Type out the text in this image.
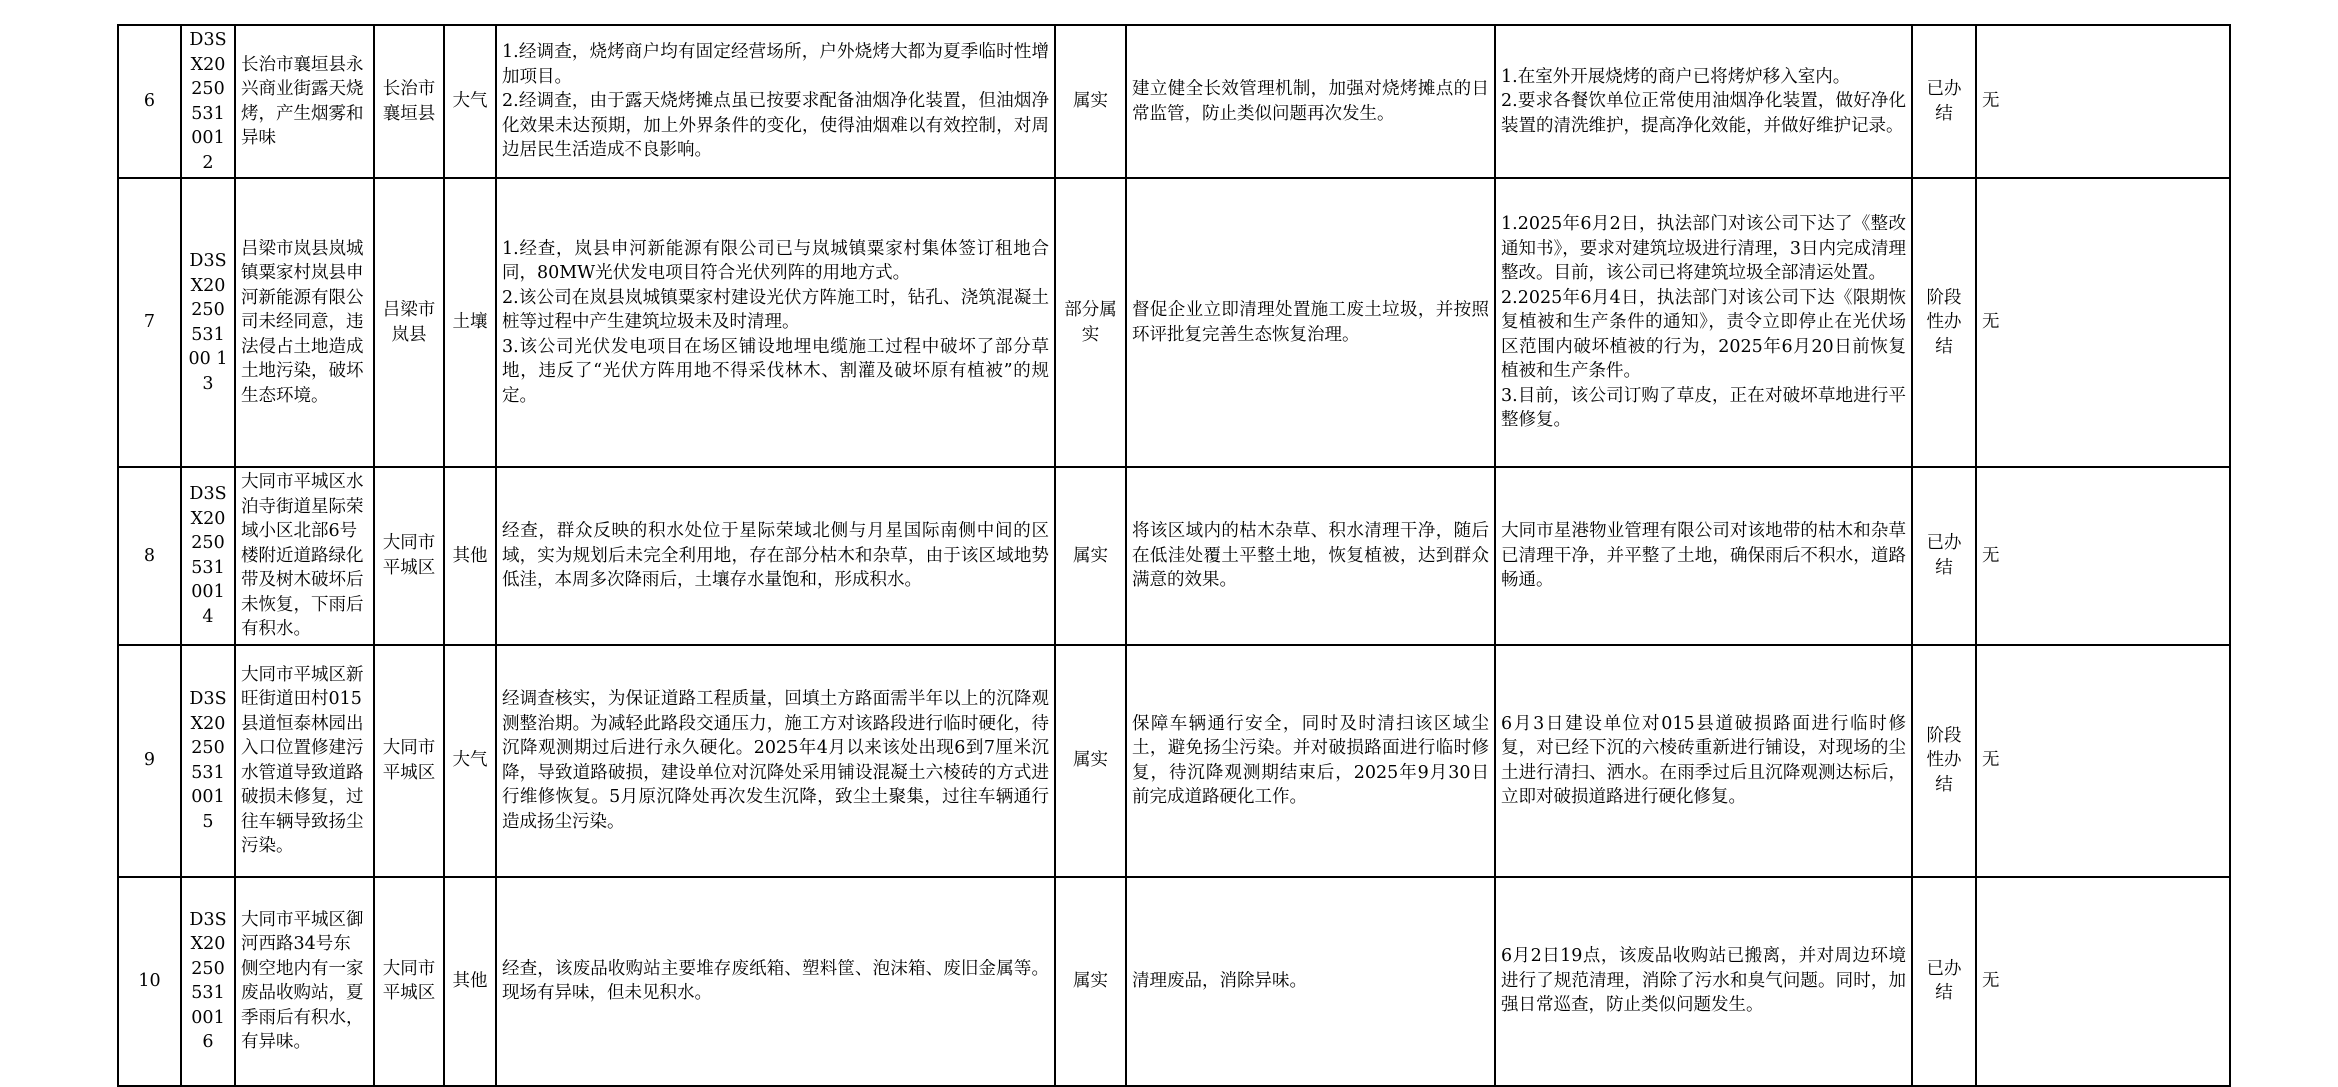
6	D3SX20250531 0012	长治市襄垣县永兴商业街露天烧烤，产生烟雾和异味	长治市襄垣县	大气	1.经调查，烧烤商户均有固定经营场所，户外烧烤大都为夏季临时性增加项目。
2.经调查，由于露天烧烤摊点虽已按要求配备油烟净化装置，但油烟净化效果未达预期，加上外界条件的变化，使得油烟难以有效控制，对周边居民生活造成不良影响。	属实	建立健全长效管理机制，加强对烧烤摊点的日常监管，防止类似问题再次发生。	1.在室外开展烧烤的商户已将烤炉移入室内。
2.要求各餐饮单位正常使用油烟净化装置，做好净化装置的清洗维护，提高净化效能，并做好维护记录。	已办结	无
7	D3SX2025053100 13	吕梁市岚县岚城镇粟家村岚县申河新能源有限公司未经同意，违法侵占土地造成土地污染，破坏生态环境。	吕梁市岚县	土壤	1.经查，岚县申河新能源有限公司已与岚城镇粟家村集体签订租地合同，80MW光伏发电项目符合光伏列阵的用地方式。
2.该公司在岚县岚城镇粟家村建设光伏方阵施工时，钻孔、浇筑混凝土桩等过程中产生建筑垃圾未及时清理。
3.该公司光伏发电项目在场区铺设地埋电缆施工过程中破坏了部分草地，违反了“光伏方阵用地不得采伐林木、割灌及破坏原有植被”的规定。	部分属实	督促企业立即清理处置施工废土垃圾，并按照环评批复完善生态恢复治理。	1.2025年6月2日，执法部门对该公司下达了《整改通知书》，要求对建筑垃圾进行清理，3日内完成清理整改。目前，该公司已将建筑垃圾全部清运处置。
2.2025年6月4日，执法部门对该公司下达《限期恢复植被和生产条件的通知》，责令立即停止在光伏场区范围内破坏植被的行为，2025年6月20日前恢复植被和生产条件。
3.目前，该公司订购了草皮，正在对破坏草地进行平整修复。	阶段性办结	无
8	D3SX20250531 0014	大同市平城区水泊寺街道星际荣域小区北部6号楼附近道路绿化带及树木破坏后未恢复，下雨后有积水。	大同市平城区	其他	经查，群众反映的积水处位于星际荣域北侧与月星国际南侧中间的区域，实为规划后未完全利用地，存在部分枯木和杂草，由于该区域地势低洼，本周多次降雨后，土壤存水量饱和，形成积水。	属实	将该区域内的枯木杂草、积水清理干净，随后在低洼处覆土平整土地，恢复植被，达到群众满意的效果。	大同市星港物业管理有限公司对该地带的枯木和杂草已清理干净，并平整了土地，确保雨后不积水，道路畅通。	已办结	无
9	D3SX20250531 0015	大同市平城区新旺街道田村015县道恒泰林园出入口位置修建污水管道导致道路破损未修复，过往车辆导致扬尘污染。	大同市平城区	大气	经调查核实，为保证道路工程质量，回填土方路面需半年以上的沉降观测整治期。为减轻此路段交通压力，施工方对该路段进行临时硬化，待沉降观测期过后进行永久硬化。2025年4月以来该处出现6到7厘米沉降，导致道路破损，建设单位对沉降处采用铺设混凝土六棱砖的方式进行维修恢复。5月原沉降处再次发生沉降，致尘土聚集，过往车辆通行造成扬尘污染。	属实	保障车辆通行安全，同时及时清扫该区域尘土，避免扬尘污染。并对破损路面进行临时修复，待沉降观测期结束后，2025年9月30日前完成道路硬化工作。	6月3日建设单位对015县道破损路面进行临时修复，对已经下沉的六棱砖重新进行铺设，对现场的尘土进行清扫、洒水。在雨季过后且沉降观测达标后，立即对破损道路进行硬化修复。	阶段性办结	无
10	D3SX20250531 0016	大同市平城区御河西路34号东侧空地内有一家废品收购站，夏季雨后有积水，有异味。	大同市平城区	其他	经查，该废品收购站主要堆存废纸箱、塑料筐、泡沫箱、废旧金属等。现场有异味，但未见积水。	属实	清理废品，消除异味。	6月2日19点，该废品收购站已搬离，并对周边环境进行了规范清理，消除了污水和臭气问题。同时，加强日常巡查，防止类似问题发生。	已办结	无
